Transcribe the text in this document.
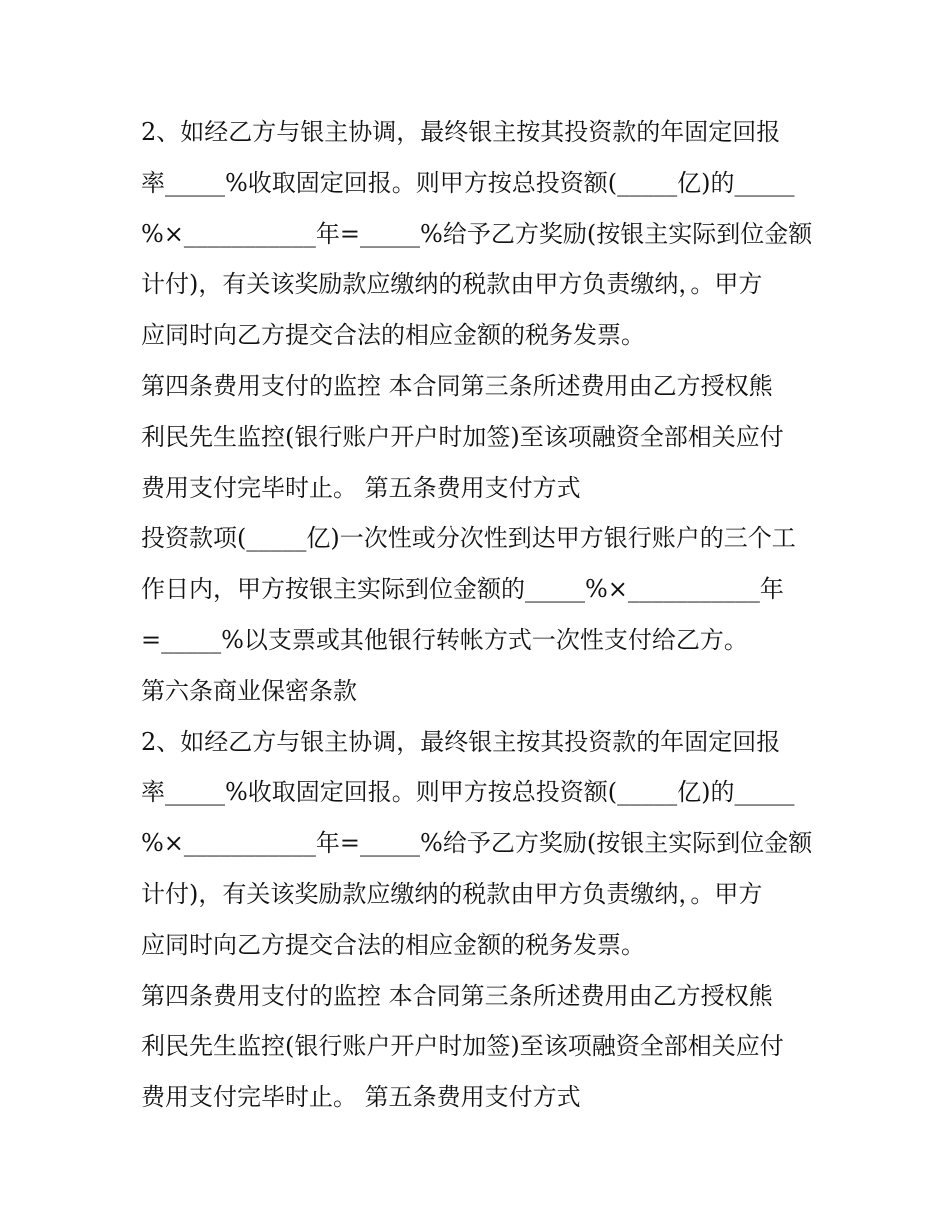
2、如经乙方与银主协调，最终银主按其投资款的年固定回报
率_____%收取固定回报。则甲方按总投资额(_____亿)的_____
%×___________年=_____%给予乙方奖励(按银主实际到位金额
计付)，有关该奖励款应缴纳的税款由甲方负责缴纳，。甲方
应同时向乙方提交合法的相应金额的税务发票。
第四条费用支付的监控 本合同第三条所述费用由乙方授权熊
利民先生监控(银行账户开户时加签)至该项融资全部相关应付
费用支付完毕时止。 第五条费用支付方式
投资款项(_____亿)一次性或分次性到达甲方银行账户的三个工
作日内，甲方按银主实际到位金额的_____%×___________年
=_____%以支票或其他银行转帐方式一次性支付给乙方。
第六条商业保密条款
2、如经乙方与银主协调，最终银主按其投资款的年固定回报
率_____%收取固定回报。则甲方按总投资额(_____亿)的_____
%×___________年=_____%给予乙方奖励(按银主实际到位金额
计付)，有关该奖励款应缴纳的税款由甲方负责缴纳，。甲方
应同时向乙方提交合法的相应金额的税务发票。
第四条费用支付的监控 本合同第三条所述费用由乙方授权熊
利民先生监控(银行账户开户时加签)至该项融资全部相关应付
费用支付完毕时止。 第五条费用支付方式
